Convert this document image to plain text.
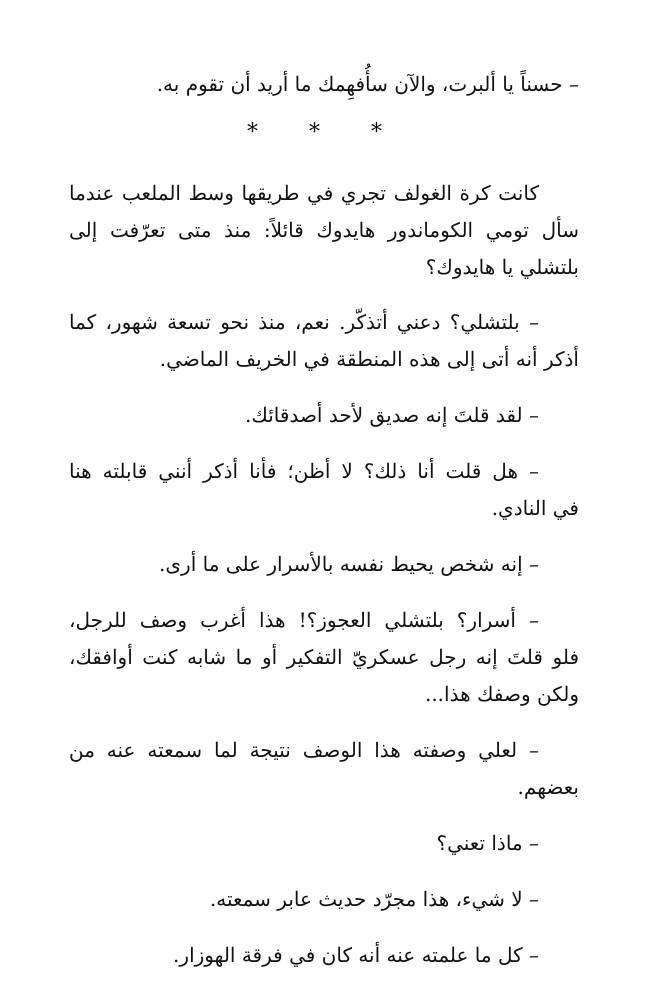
– حسناً يا ألبرت، والآن سأُفهِمك ما أريد أن تقوم به.

* * *

كانت كرة الغولف تجري في طريقها وسط الملعب عندما
سأل تومي الكوماندور هايدوك قائلاً: منذ متى تعرّفت إلى
بلتشلي يا هايدوك؟

– بلتشلي؟ دعني أتذكّر. نعم، منذ نحو تسعة شهور، كما
أذكر أنه أتى إلى هذه المنطقة في الخريف الماضي.

– لقد قلتَ إنه صديق لأحد أصدقائك.

– هل قلت أنا ذلك؟ لا أظن؛ فأنا أذكر أنني قابلته هنا
في النادي.

– إنه شخص يحيط نفسه بالأسرار على ما أرى.

– أسرار؟ بلتشلي العجوز؟! هذا أغرب وصف للرجل،
فلو قلتَ إنه رجل عسكريّ التفكير أو ما شابه كنت أوافقك،
ولكن وصفك هذا...

– لعلي وصفته هذا الوصف نتيجة لما سمعته عنه من
بعضهم.

– ماذا تعني؟

– لا شيء، هذا مجرّد حديث عابر سمعته.

– كل ما علمته عنه أنه كان في فرقة الهوزار.
